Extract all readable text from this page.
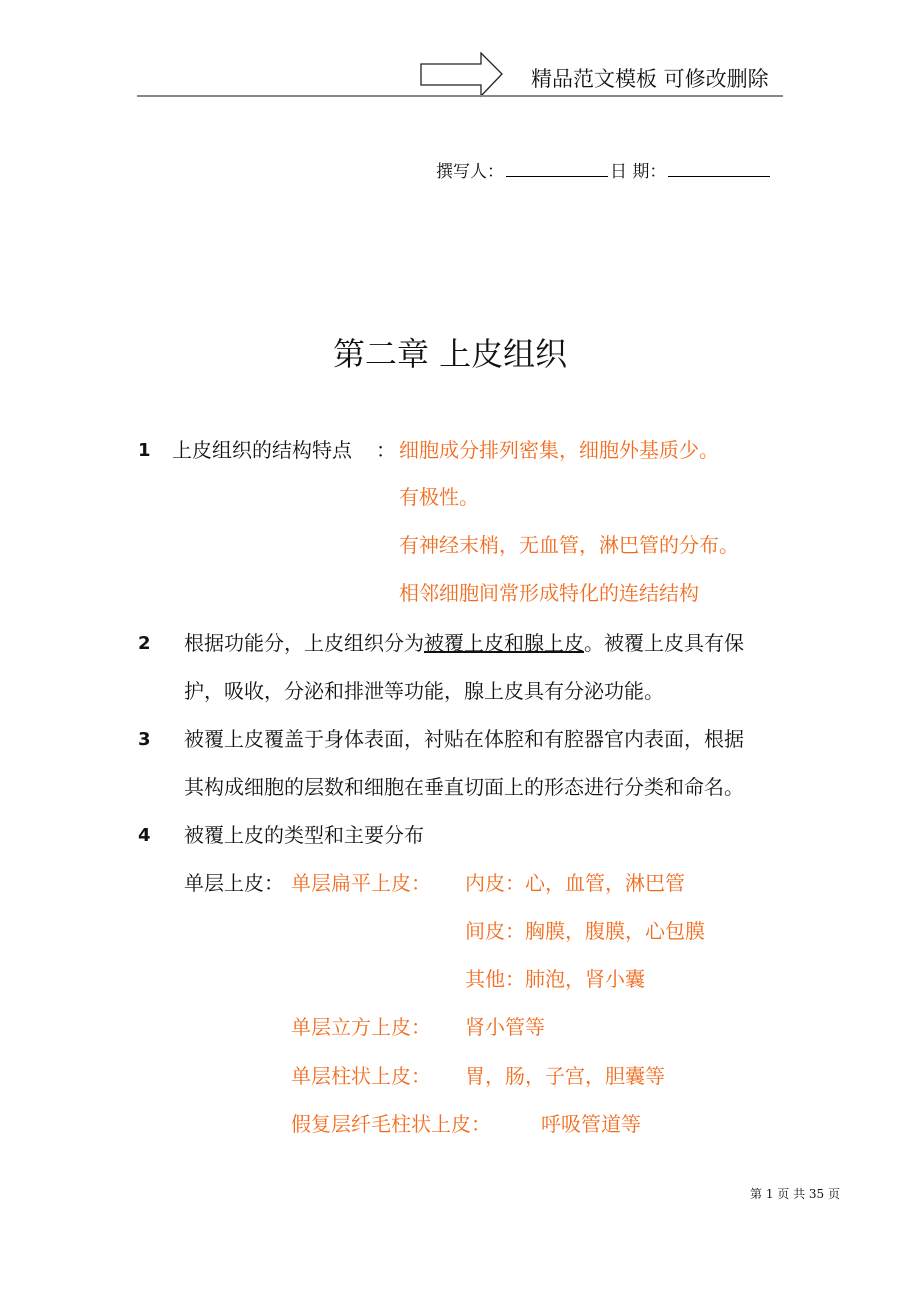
精品范文模板 可修改删除
撰写人：	日 期：
第二章 上皮组织
1 上皮组织的结构特点 ： 细胞成分排列密集，细胞外基质少。
有极性。
有神经末梢，无血管，淋巴管的分布。
相邻细胞间常形成特化的连结结构
2 根据功能分，上皮组织分为被覆上皮和腺上皮。被覆上皮具有保
护，吸收，分泌和排泄等功能，腺上皮具有分泌功能。
3 被覆上皮覆盖于身体表面，衬贴在体腔和有腔器官内表面，根据
其构成细胞的层数和细胞在垂直切面上的形态进行分类和命名。
4 被覆上皮的类型和主要分布
单层上皮： 单层扁平上皮： 内皮：心，血管，淋巴管
间皮：胸膜，腹膜，心包膜
其他：肺泡，肾小囊
单层立方上皮： 肾小管等
单层柱状上皮： 胃，肠，子宫，胆囊等
假复层纤毛柱状上皮：	呼吸管道等
第 1 页 共 35 页
